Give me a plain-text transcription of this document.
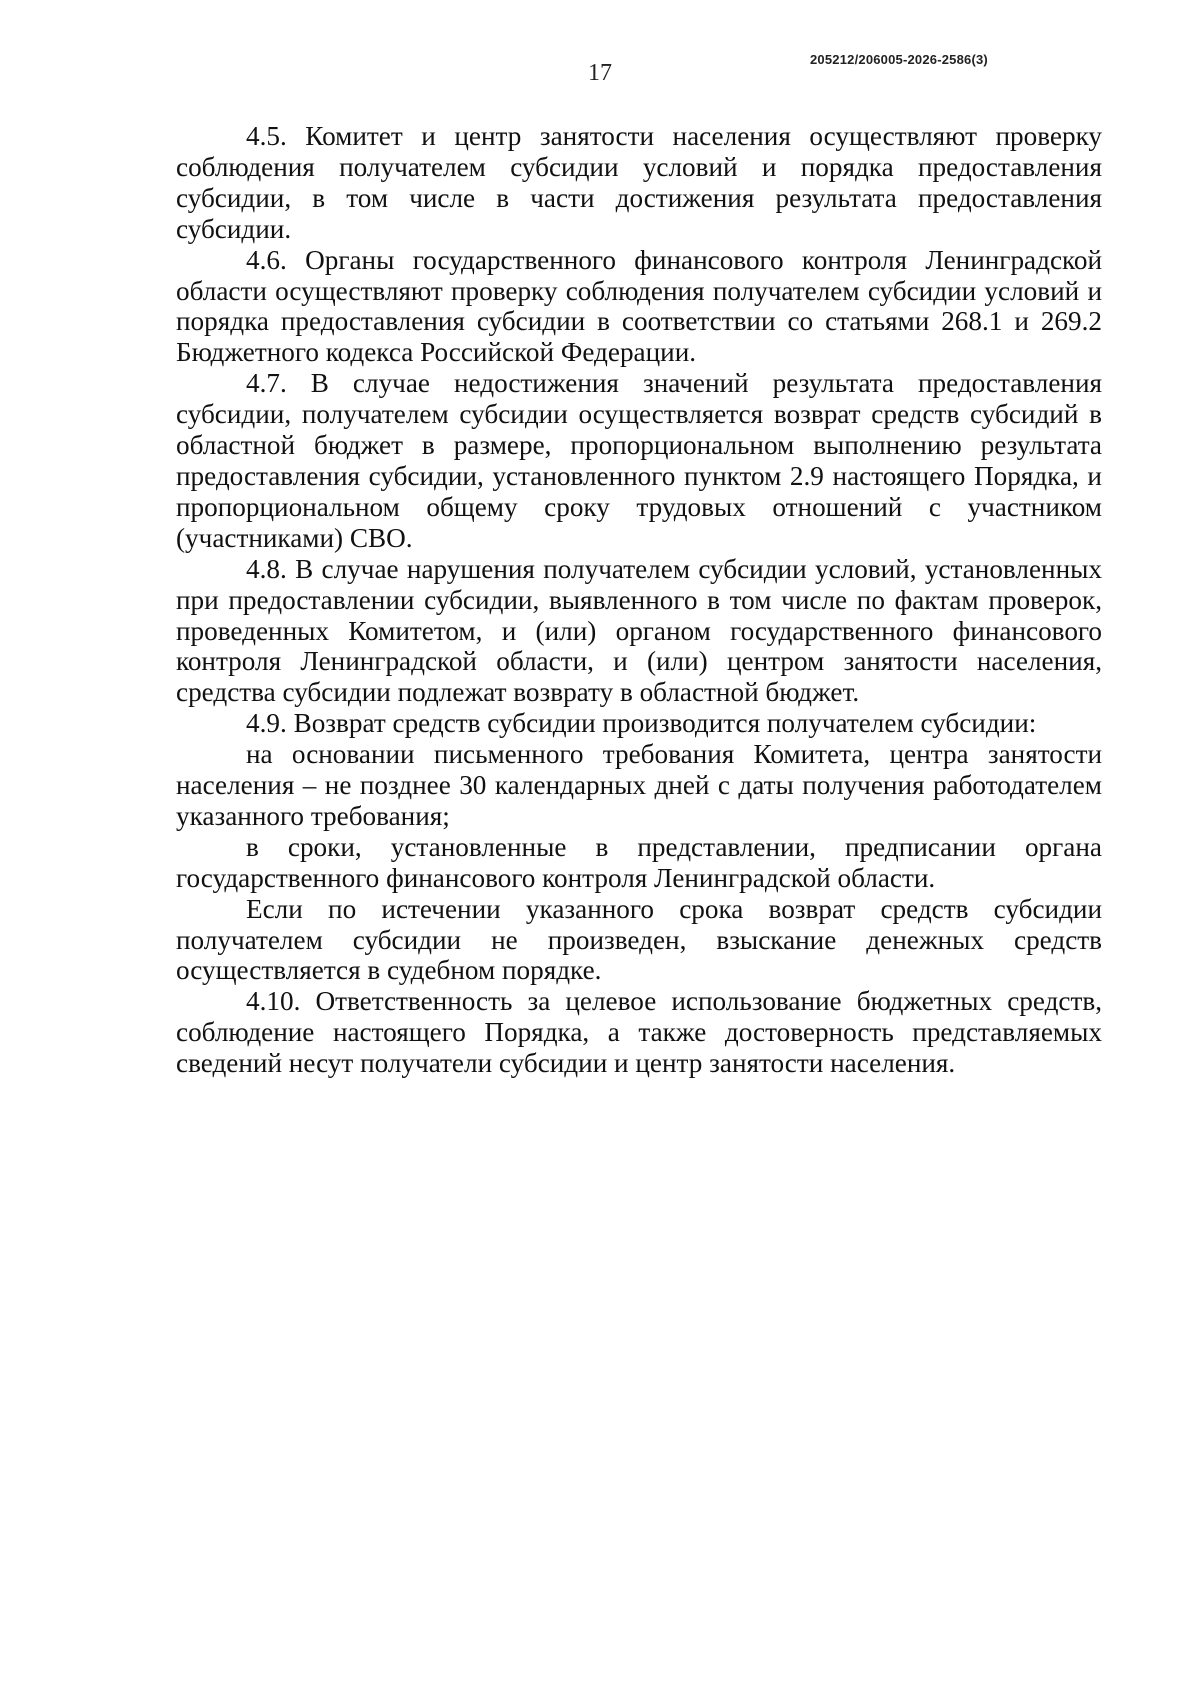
205212/206005-2026-2586(3)
17

4.5. Комитет и центр занятости населения осуществляют проверку соблюдения получателем субсидии условий и порядка предоставления субсидии, в том числе в части достижения результата предоставления субсидии.

4.6. Органы государственного финансового контроля Ленинградской области осуществляют проверку соблюдения получателем субсидии условий и порядка предоставления субсидии в соответствии со статьями 268.1 и 269.2 Бюджетного кодекса Российской Федерации.

4.7. В случае недостижения значений результата предоставления субсидии, получателем субсидии осуществляется возврат средств субсидий в областной бюджет в размере, пропорциональном выполнению результата предоставления субсидии, установленного пунктом 2.9 настоящего Порядка, и пропорциональном общему сроку трудовых отношений с участником (участниками) СВО.

4.8. В случае нарушения получателем субсидии условий, установленных при предоставлении субсидии, выявленного в том числе по фактам проверок, проведенных Комитетом, и (или) органом государственного финансового контроля Ленинградской области, и (или) центром занятости населения, средства субсидии подлежат возврату в областной бюджет.

4.9. Возврат средств субсидии производится получателем субсидии:

на основании письменного требования Комитета, центра занятости населения – не позднее 30 календарных дней с даты получения работодателем указанного требования;

в сроки, установленные в представлении, предписании органа государственного финансового контроля Ленинградской области.

Если по истечении указанного срока возврат средств субсидии получателем субсидии не произведен, взыскание денежных средств осуществляется в судебном порядке.

4.10. Ответственность за целевое использование бюджетных средств, соблюдение настоящего Порядка, а также достоверность представляемых сведений несут получатели субсидии и центр занятости населения.
